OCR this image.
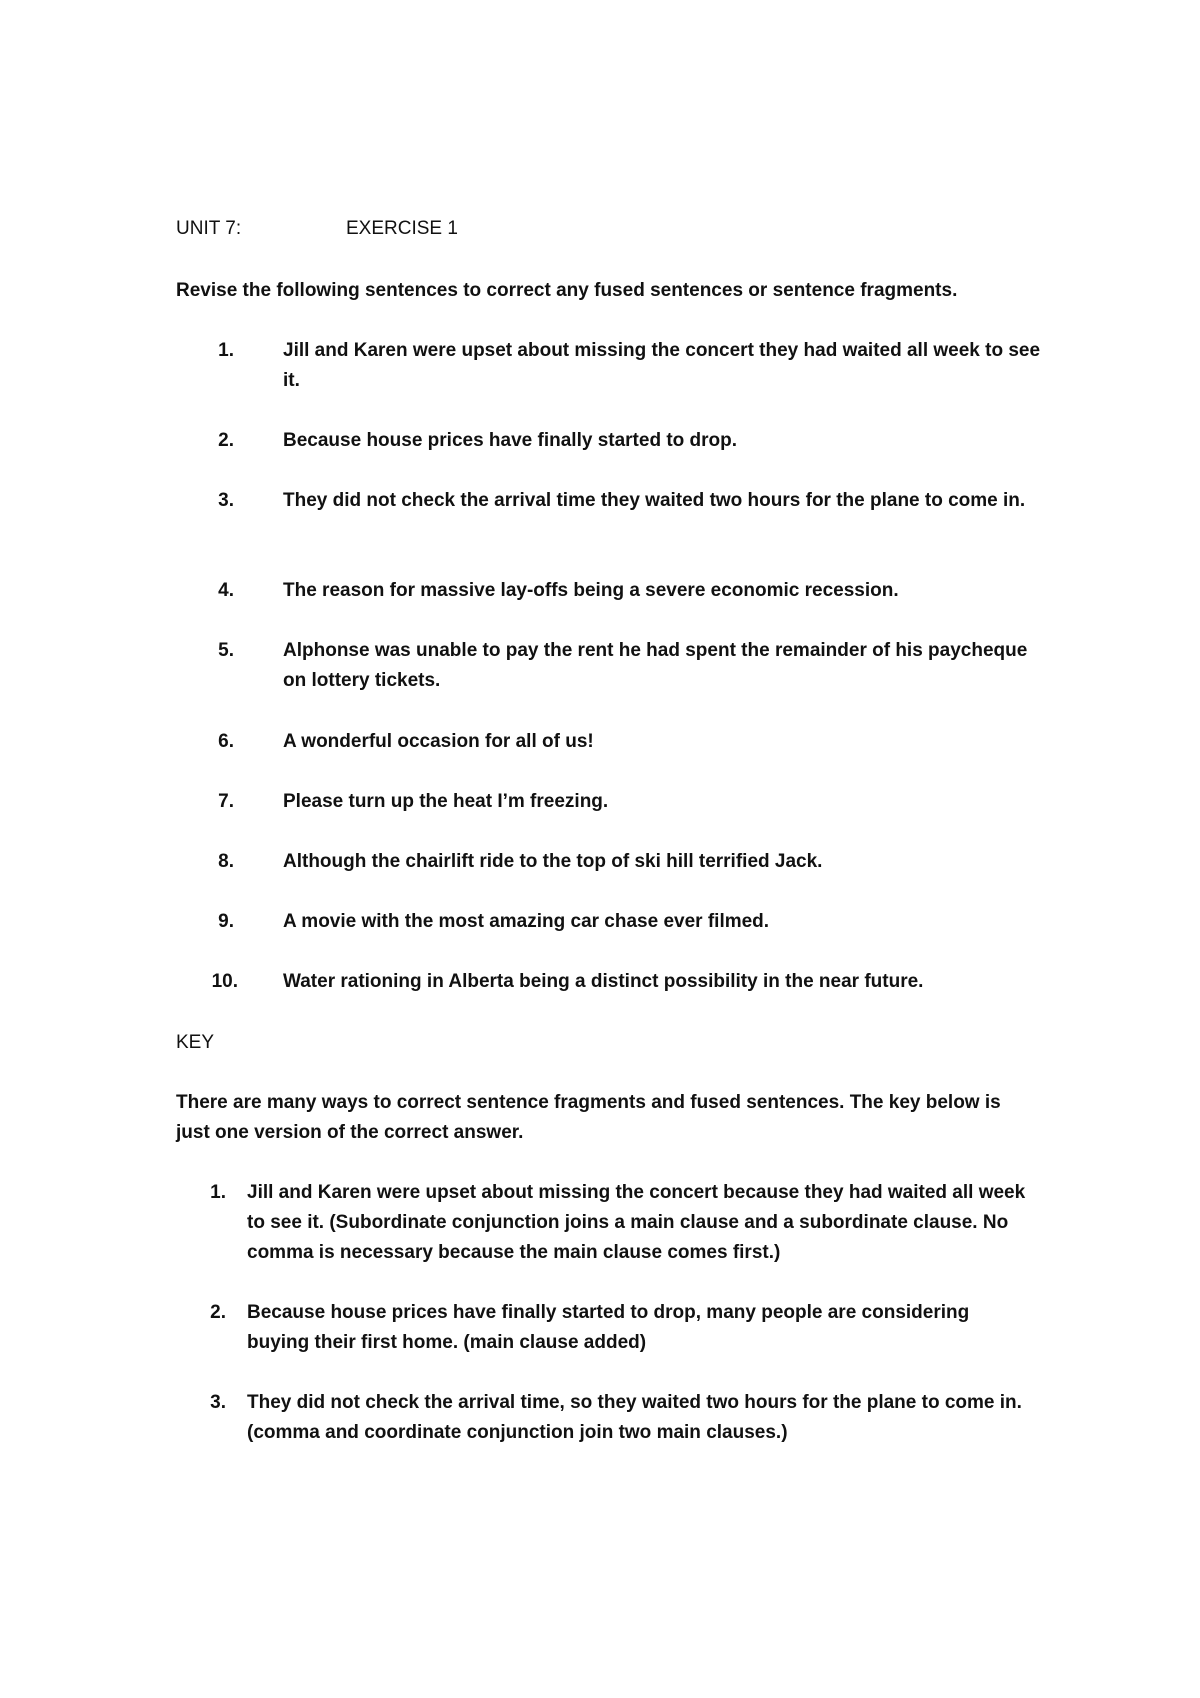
UNIT 7:	EXERCISE 1
Revise the following sentences to correct any fused sentences or sentence fragments.
1.	Jill and Karen were upset about missing the concert they had waited all week to see it.
2.	Because house prices have finally started to drop.
3.	They did not check the arrival time they waited two hours for the plane to come in.
4.	The reason for massive lay-offs being a severe economic recession.
5.	Alphonse was unable to pay the rent he had spent the remainder of his paycheque on lottery tickets.
6.	A wonderful occasion for all of us!
7.	Please turn up the heat I’m freezing.
8.	Although the chairlift ride to the top of ski hill terrified Jack.
9.	A movie with the most amazing car chase ever filmed.
10. Water rationing in Alberta being a distinct possibility in the near future.
KEY
There are many ways to correct sentence fragments and fused sentences. The key below is just one version of the correct answer.
1. Jill and Karen were upset about missing the concert because they had waited all week to see it. (Subordinate conjunction joins a main clause and a subordinate clause. No comma is necessary because the main clause comes first.)
2. Because house prices have finally started to drop, many people are considering buying their first home. (main clause added)
3. They did not check the arrival time, so they waited two hours for the plane to come in. (comma and coordinate conjunction join two main clauses.)
